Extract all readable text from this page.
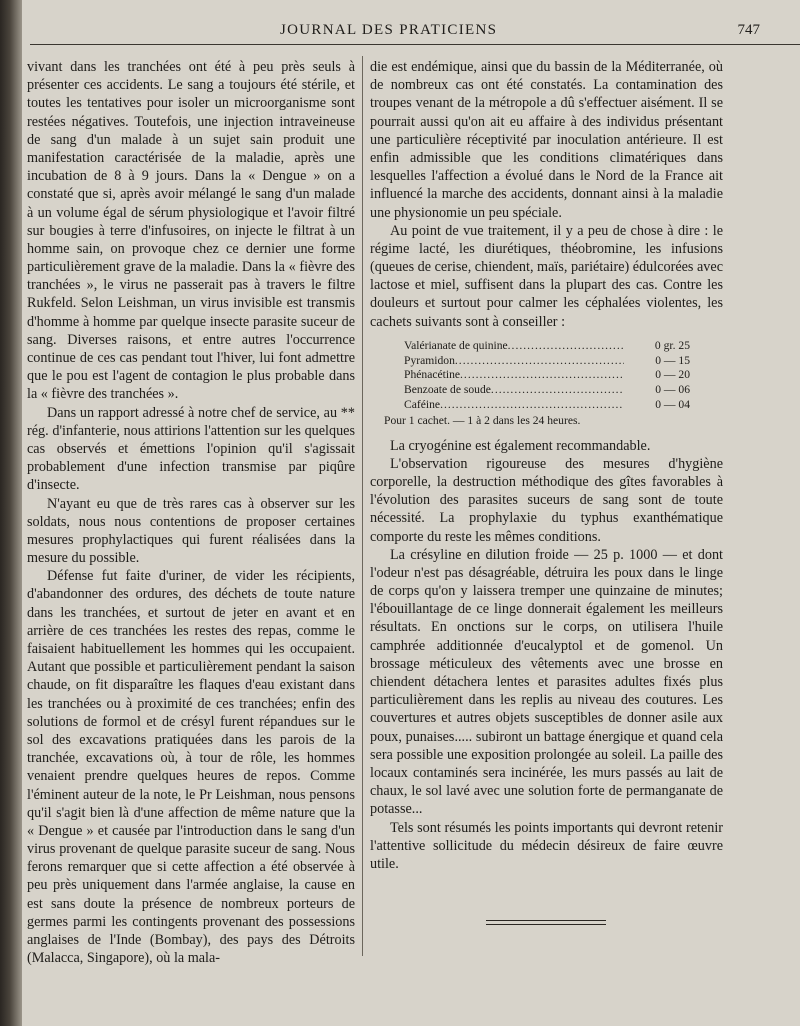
JOURNAL DES PRATICIENS	747

vivant dans les tranchées ont été à peu près seuls à présenter ces accidents. Le sang a toujours été stérile, et toutes les tentatives pour isoler un microorganisme sont restées négatives. Toutefois, une injection intraveineuse de sang d'un malade à un sujet sain produit une manifestation caractérisée de la maladie, après une incubation de 8 à 9 jours. Dans la « Dengue » on a constaté que si, après avoir mélangé le sang d'un malade à un volume égal de sérum physiologique et l'avoir filtré sur bougies à terre d'infusoires, on injecte le filtrat à un homme sain, on provoque chez ce dernier une forme particulièrement grave de la maladie. Dans la « fièvre des tranchées », le virus ne passerait pas à travers le filtre Rukfeld. Selon Leishman, un virus invisible est transmis d'homme à homme par quelque insecte parasite suceur de sang. Diverses raisons, et entre autres l'occurrence continue de ces cas pendant tout l'hiver, lui font admettre que le pou est l'agent de contagion le plus probable dans la « fièvre des tranchées ».

Dans un rapport adressé à notre chef de service, au ** rég. d'infanterie, nous attirions l'attention sur les quelques cas observés et émettions l'opinion qu'il s'agissait probablement d'une infection transmise par piqûre d'insecte.

N'ayant eu que de très rares cas à observer sur les soldats, nous nous contentions de proposer certaines mesures prophylactiques qui furent réalisées dans la mesure du possible.

Défense fut faite d'uriner, de vider les récipients, d'abandonner des ordures, des déchets de toute nature dans les tranchées, et surtout de jeter en avant et en arrière de ces tranchées les restes des repas, comme le faisaient habituellement les hommes qui les occupaient. Autant que possible et particulièrement pendant la saison chaude, on fit disparaître les flaques d'eau existant dans les tranchées ou à proximité de ces tranchées; enfin des solutions de formol et de crésyl furent répandues sur le sol des excavations pratiquées dans les parois de la tranchée, excavations où, à tour de rôle, les hommes venaient prendre quelques heures de repos. Comme l'éminent auteur de la note, le Pr Leishman, nous pensons qu'il s'agit bien là d'une affection de même nature que la « Dengue » et causée par l'introduction dans le sang d'un virus provenant de quelque parasite suceur de sang. Nous ferons remarquer que si cette affection a été observée à peu près uniquement dans l'armée anglaise, la cause en est sans doute la présence de nombreux porteurs de germes parmi les contingents provenant des possessions anglaises de l'Inde (Bombay), des pays des Détroits (Malacca, Singapore), où la mala-

die est endémique, ainsi que du bassin de la Méditerranée, où de nombreux cas ont été constatés. La contamination des troupes venant de la métropole a dû s'effectuer aisément. Il se pourrait aussi qu'on ait eu affaire à des individus présentant une particulière réceptivité par inoculation antérieure. Il est enfin admissible que les conditions climatériques dans lesquelles l'affection a évolué dans le Nord de la France ait influencé la marche des accidents, donnant ainsi à la maladie une physionomie un peu spéciale.

Au point de vue traitement, il y a peu de chose à dire : le régime lacté, les diurétiques, théobromine, les infusions (queues de cerise, chiendent, maïs, pariétaire) édulcorées avec lactose et miel, suffisent dans la plupart des cas. Contre les douleurs et surtout pour calmer les céphalées violentes, les cachets suivants sont à conseiller :

Valérianate de quinine .....	0 gr. 25
Pyramidon .....	0 — 15
Phénacétine .....	0 — 20
Benzoate de soude .....	0 — 06
Caféine .....	0 — 04
Pour 1 cachet. — 1 à 2 dans les 24 heures.

La cryogénine est également recommandable.

L'observation rigoureuse des mesures d'hygiène corporelle, la destruction méthodique des gîtes favorables à l'évolution des parasites suceurs de sang sont de toute nécessité. La prophylaxie du typhus exanthématique comporte du reste les mêmes conditions.

La crésyline en dilution froide — 25 p. 1000 — et dont l'odeur n'est pas désagréable, détruira les poux dans le linge de corps qu'on y laissera tremper une quinzaine de minutes; l'ébouillantage de ce linge donnerait également les meilleurs résultats. En onctions sur le corps, on utilisera l'huile camphrée additionnée d'eucalyptol et de gomenol. Un brossage méticuleux des vêtements avec une brosse en chiendent détachera lentes et parasites adultes fixés plus particulièrement dans les replis au niveau des coutures. Les couvertures et autres objets susceptibles de donner asile aux poux, punaises..... subiront un battage énergique et quand cela sera possible une exposition prolongée au soleil. La paille des locaux contaminés sera incinérée, les murs passés au lait de chaux, le sol lavé avec une solution forte de permanganate de potasse...

Tels sont résumés les points importants qui devront retenir l'attentive sollicitude du médecin désireux de faire œuvre utile.
